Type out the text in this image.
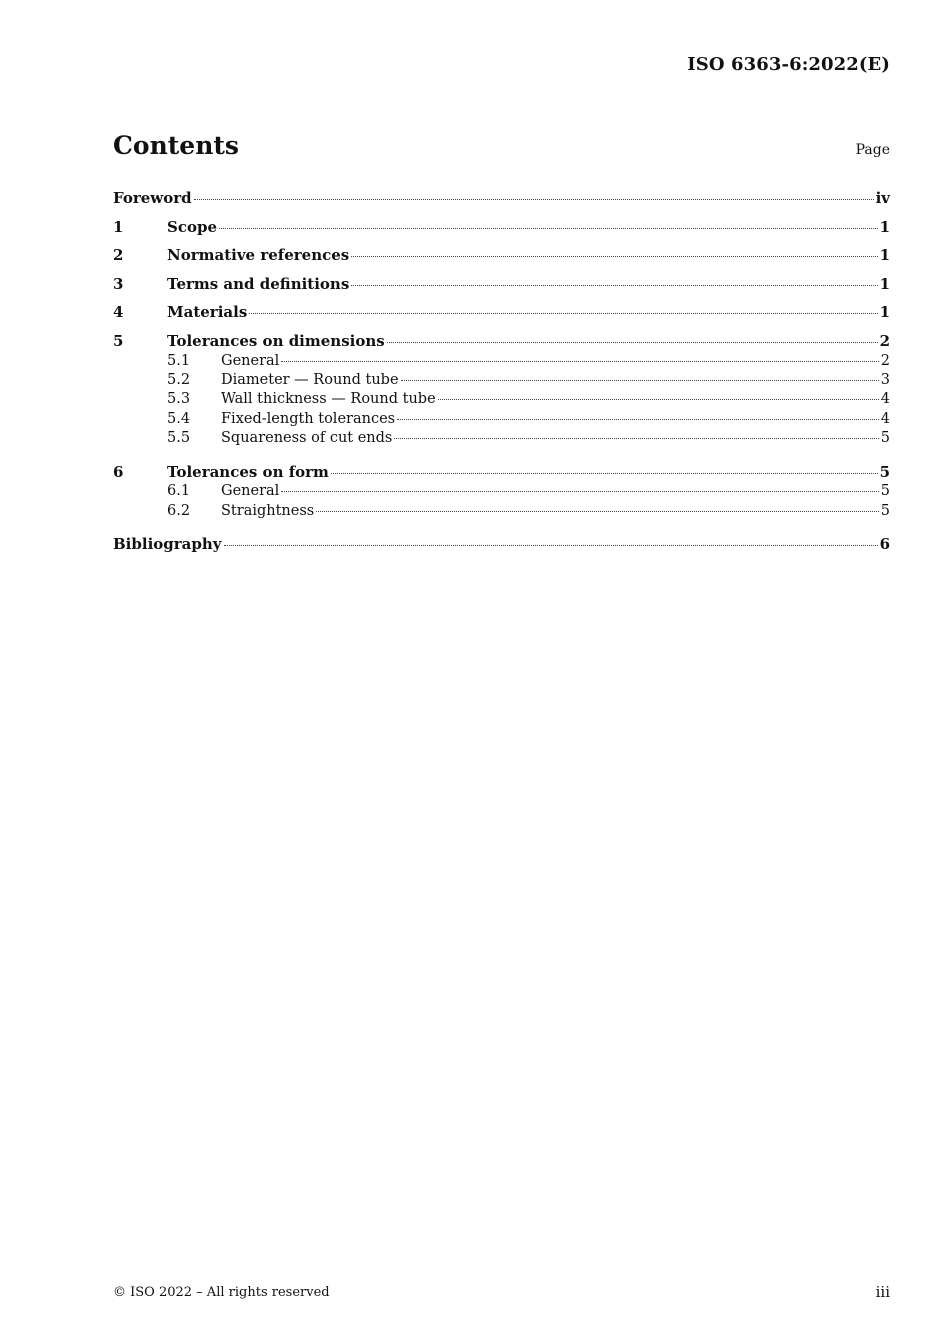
ISO 6363-6:2022(E)
Contents	Page
Foreword	iv
1	Scope	1
2	Normative references	1
3	Terms and definitions	1
4	Materials	1
5	Tolerances on dimensions	2
5.1	General	2
5.2	Diameter — Round tube	3
5.3	Wall thickness — Round tube	4
5.4	Fixed-length tolerances	4
5.5	Squareness of cut ends	5
6	Tolerances on form	5
6.1	General	5
6.2	Straightness	5
Bibliography	6
© ISO 2022 – All rights reserved	iii
